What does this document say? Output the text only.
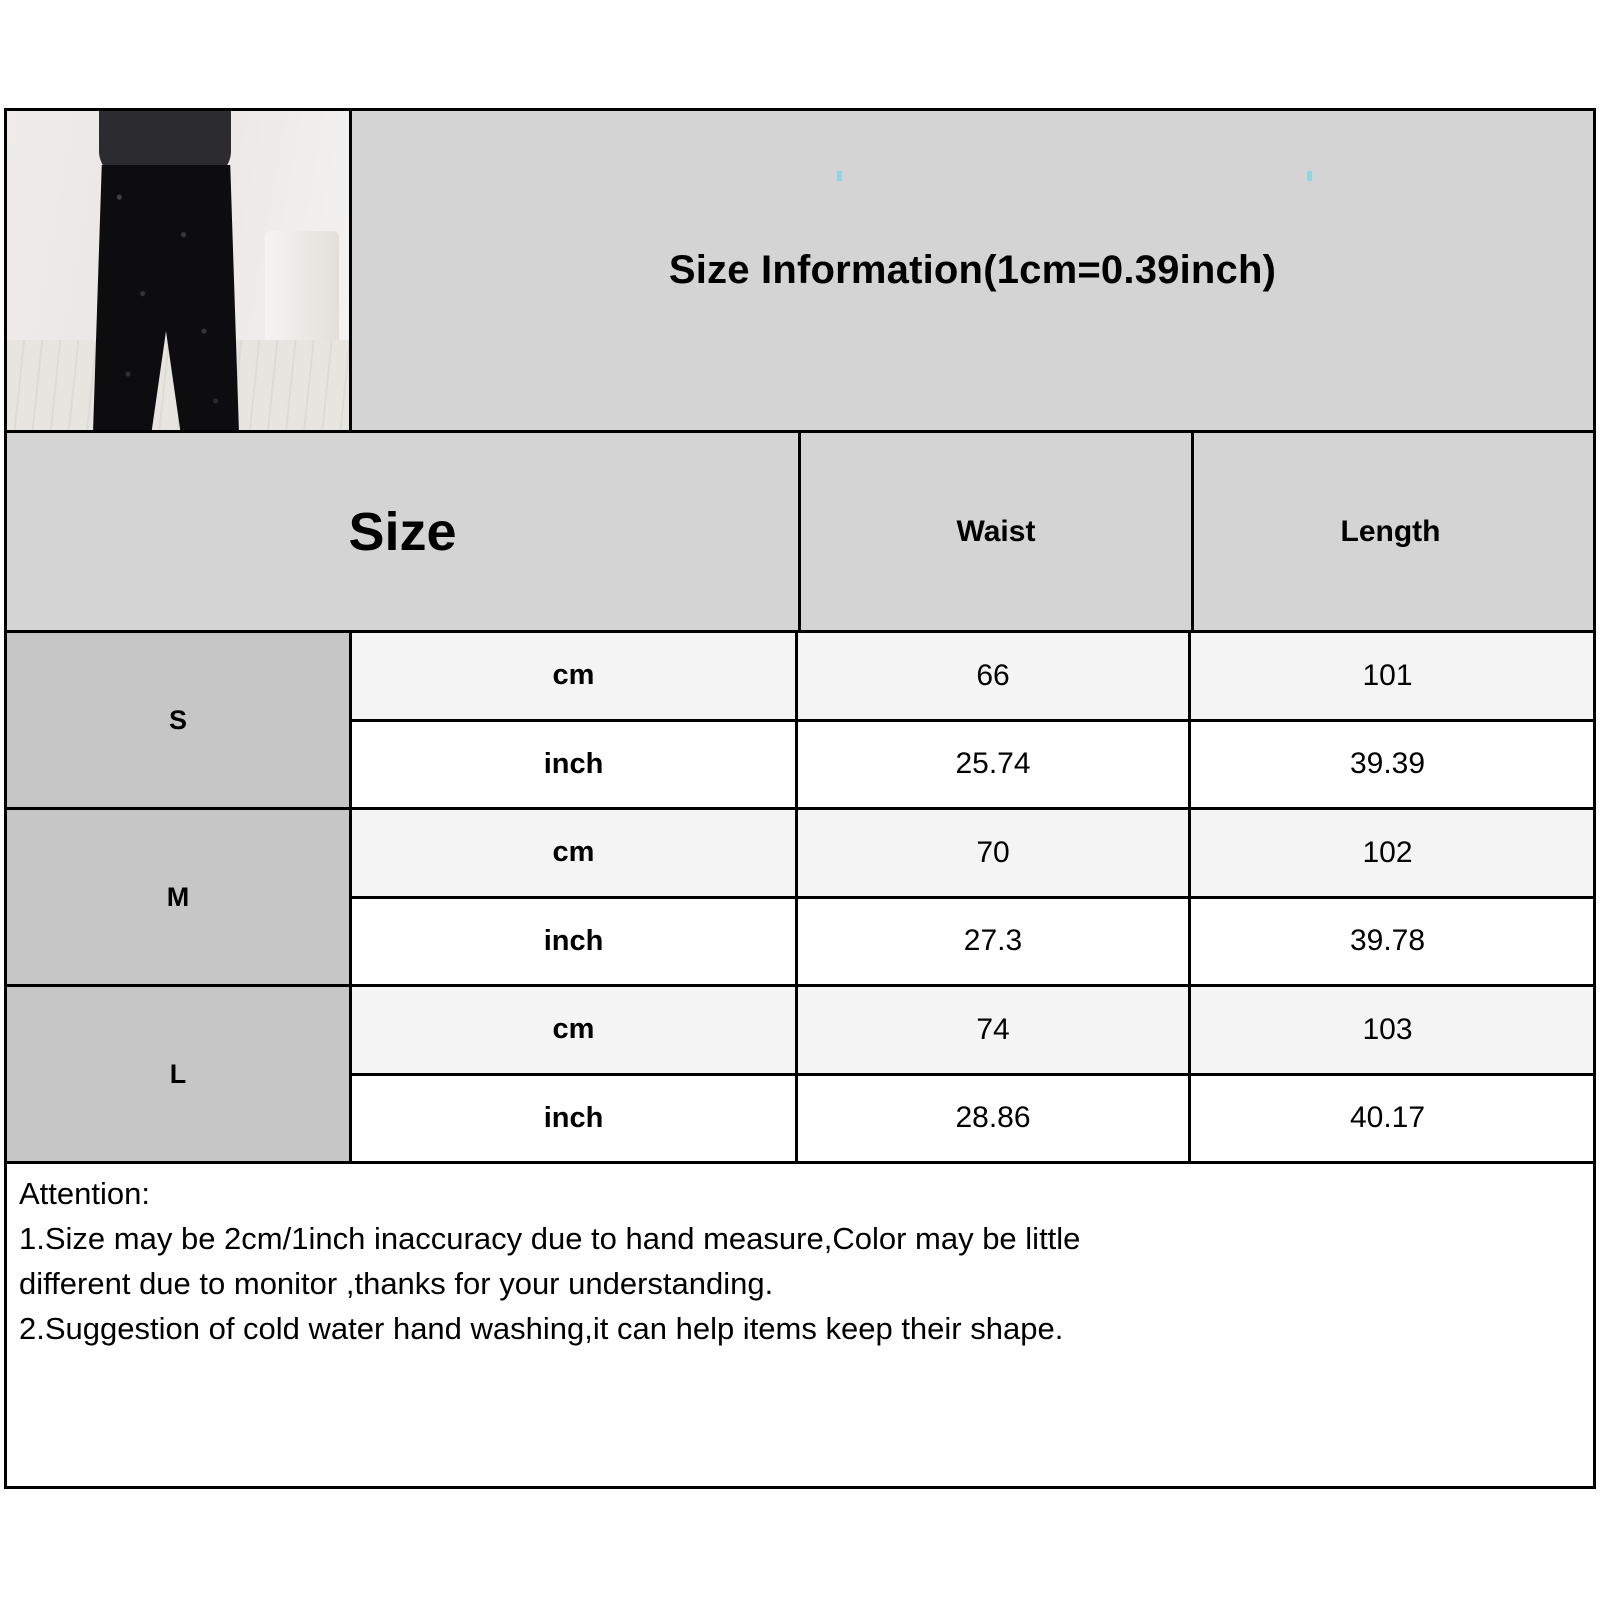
Size Information(1cm=0.39inch)
Size	Waist	Length
S
cm	66	101
inch	25.74	39.39
M
cm	70	102
inch	27.3	39.78
L
cm	74	103
inch	28.86	40.17

Attention:

1.Size may be 2cm/1inch inaccuracy due to hand measure,Color may be little

different due to monitor ,thanks for your understanding.

2.Suggestion of cold water hand washing,it can help items keep their shape.
